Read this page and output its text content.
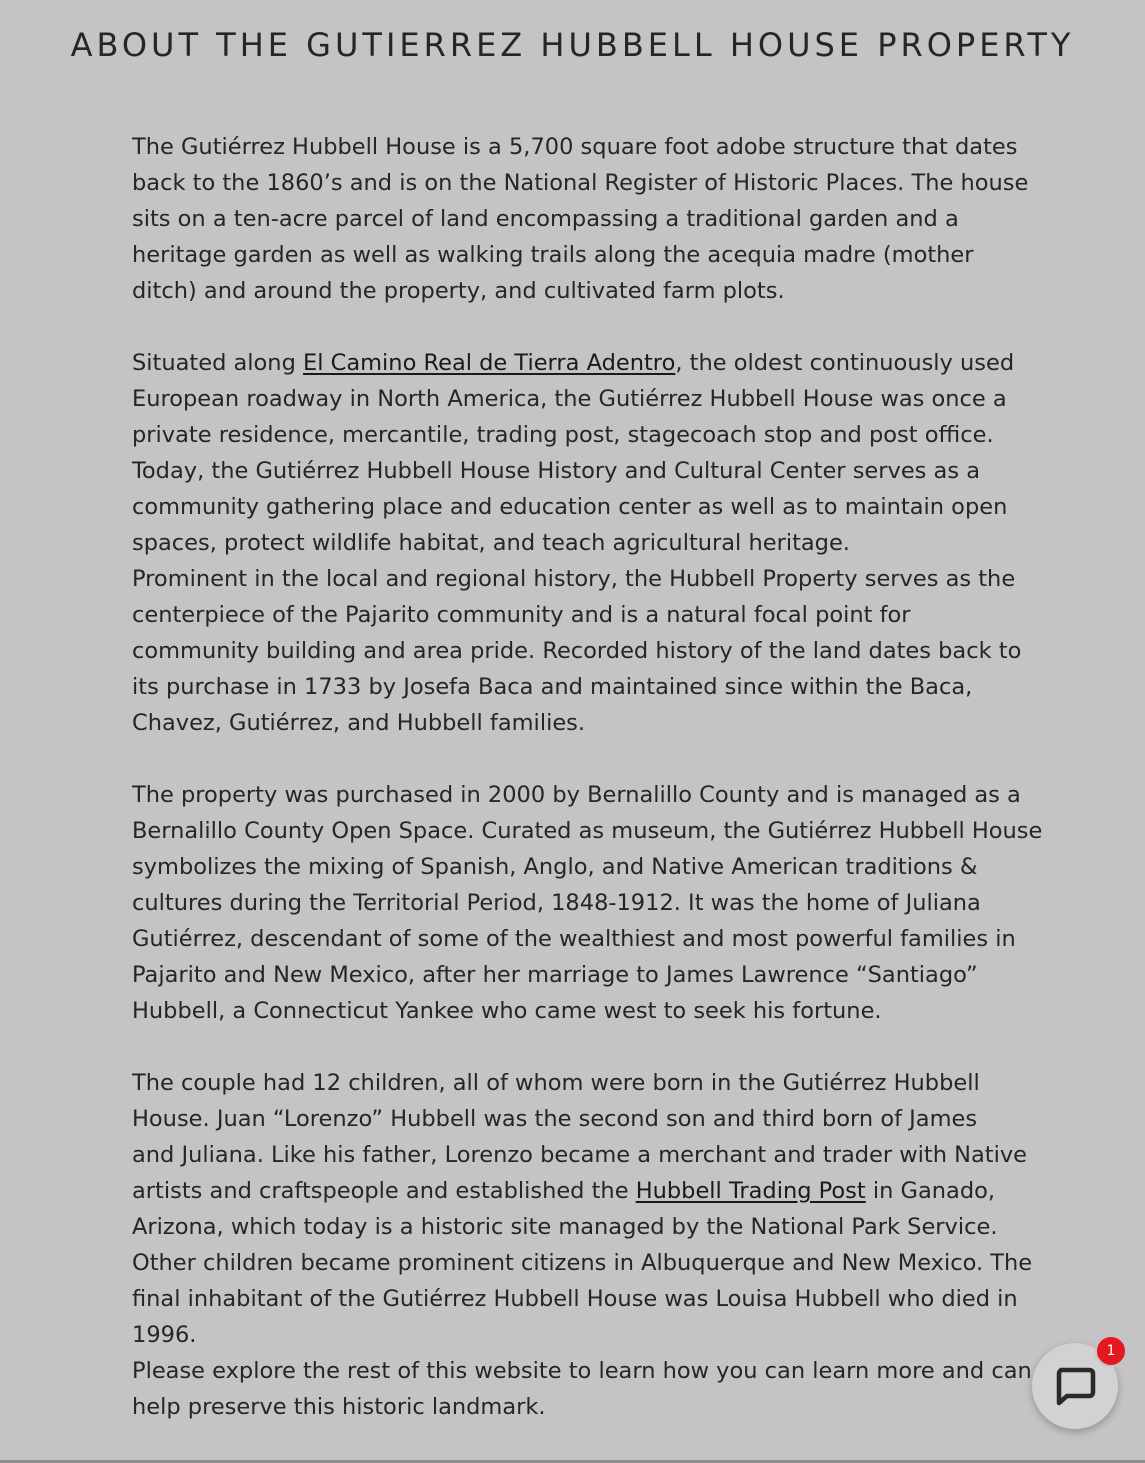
ABOUT THE GUTIERREZ HUBBELL HOUSE PROPERTY
The Gutiérrez Hubbell House is a 5,700 square foot adobe structure that dates
back to the 1860’s and is on the National Register of Historic Places. The house
sits on a ten-acre parcel of land encompassing a traditional garden and a
heritage garden as well as walking trails along the acequia madre (mother
ditch) and around the property, and cultivated farm plots.
Situated along El Camino Real de Tierra Adentro, the oldest continuously used
European roadway in North America, the Gutiérrez Hubbell House was once a
private residence, mercantile, trading post, stagecoach stop and post office.
Today, the Gutiérrez Hubbell House History and Cultural Center serves as a
community gathering place and education center as well as to maintain open
spaces, protect wildlife habitat, and teach agricultural heritage.
Prominent in the local and regional history, the Hubbell Property serves as the
centerpiece of the Pajarito community and is a natural focal point for
community building and area pride. Recorded history of the land dates back to
its purchase in 1733 by Josefa Baca and maintained since within the Baca,
Chavez, Gutiérrez, and Hubbell families.
The property was purchased in 2000 by Bernalillo County and is managed as a
Bernalillo County Open Space. Curated as museum, the Gutiérrez Hubbell House
symbolizes the mixing of Spanish, Anglo, and Native American traditions &
cultures during the Territorial Period, 1848-1912. It was the home of Juliana
Gutiérrez, descendant of some of the wealthiest and most powerful families in
Pajarito and New Mexico, after her marriage to James Lawrence “Santiago”
Hubbell, a Connecticut Yankee who came west to seek his fortune.
The couple had 12 children, all of whom were born in the Gutiérrez Hubbell
House. Juan “Lorenzo” Hubbell was the second son and third born of James
and Juliana. Like his father, Lorenzo became a merchant and trader with Native
artists and craftspeople and established the Hubbell Trading Post in Ganado,
Arizona, which today is a historic site managed by the National Park Service.
Other children became prominent citizens in Albuquerque and New Mexico. The
final inhabitant of the Gutiérrez Hubbell House was Louisa Hubbell who died in
1996.
Please explore the rest of this website to learn how you can learn more and can
help preserve this historic landmark.
1
